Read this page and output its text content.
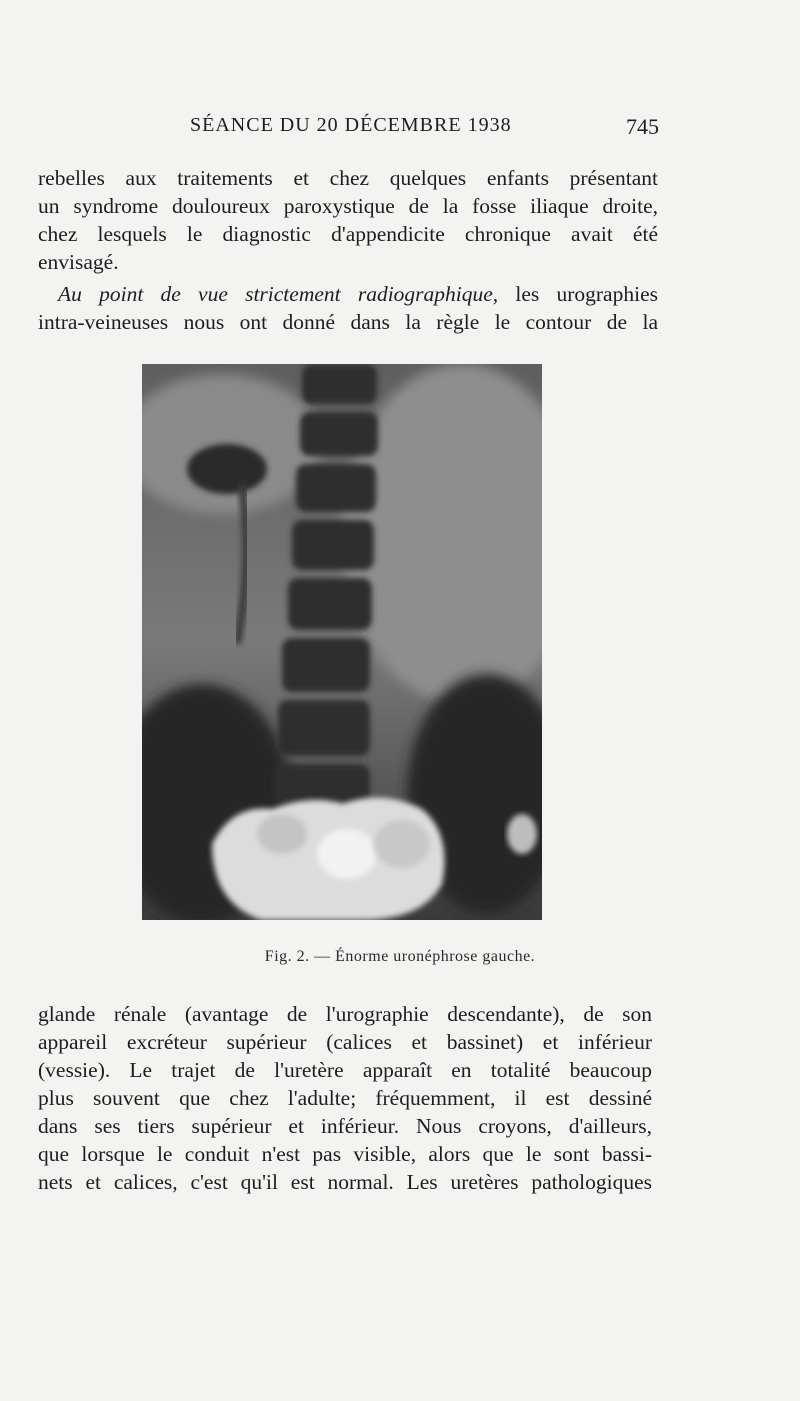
SÉANCE DU 20 DÉCEMBRE 1938	745
rebelles aux traitements et chez quelques enfants présentant
un syndrome douloureux paroxystique de la fosse iliaque droite,
chez lesquels le diagnostic d'appendicite chronique avait été
envisagé.
Au point de vue strictement radiographique, les urographies
intra-veineuses nous ont donné dans la règle le contour de la
Fig. 2. — Énorme uronéphrose gauche.
glande rénale (avantage de l'urographie descendante), de son
appareil excréteur supérieur (calices et bassinet) et inférieur
(vessie). Le trajet de l'uretère apparaît en totalité beaucoup
plus souvent que chez l'adulte; fréquemment, il est dessiné
dans ses tiers supérieur et inférieur. Nous croyons, d'ailleurs,
que lorsque le conduit n'est pas visible, alors que le sont bassi-
nets et calices, c'est qu'il est normal. Les uretères pathologiques
